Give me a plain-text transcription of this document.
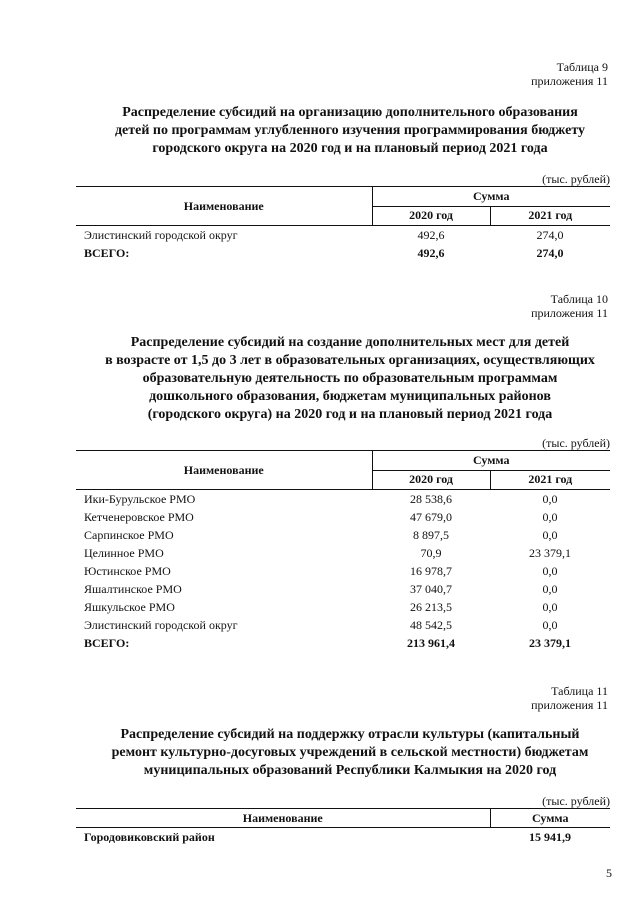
Таблица 9
приложения 11
Распределение субсидий на организацию дополнительного образования
детей по программам углубленного изучения программирования бюджету
городского округа на 2020 год и на плановый период 2021 года
(тыс. рублей)
Наименование	Сумма	
	2020 год	2021 год
Элистинский городской округ	492,6	274,0
ВСЕГО:	492,6	274,0
Таблица 10
приложения 11
Распределение субсидий на создание дополнительных мест для детей
в возрасте от 1,5 до 3 лет в образовательных организациях, осуществляющих
образовательную деятельность по образовательным программам
дошкольного образования, бюджетам муниципальных районов
(городского округа) на 2020 год и на плановый период 2021 года
(тыс. рублей)
Наименование	Сумма	
	2020 год	2021 год
Ики-Бурульское РМО	28 538,6	0,0
Кетченеровское РМО	47 679,0	0,0
Сарпинское РМО	8 897,5	0,0
Целинное РМО	70,9	23 379,1
Юстинское РМО	16 978,7	0,0
Яшалтинское РМО	37 040,7	0,0
Яшкульское РМО	26 213,5	0,0
Элистинский городской округ	48 542,5	0,0
ВСЕГО:	213 961,4	23 379,1
Таблица 11
приложения 11
Распределение субсидий на поддержку отрасли культуры (капитальный
ремонт культурно-досуговых учреждений в сельской местности) бюджетам
муниципальных образований Республики Калмыкия на 2020 год
(тыс. рублей)
Наименование	Сумма
Городовиковский район	15 941,9
5
